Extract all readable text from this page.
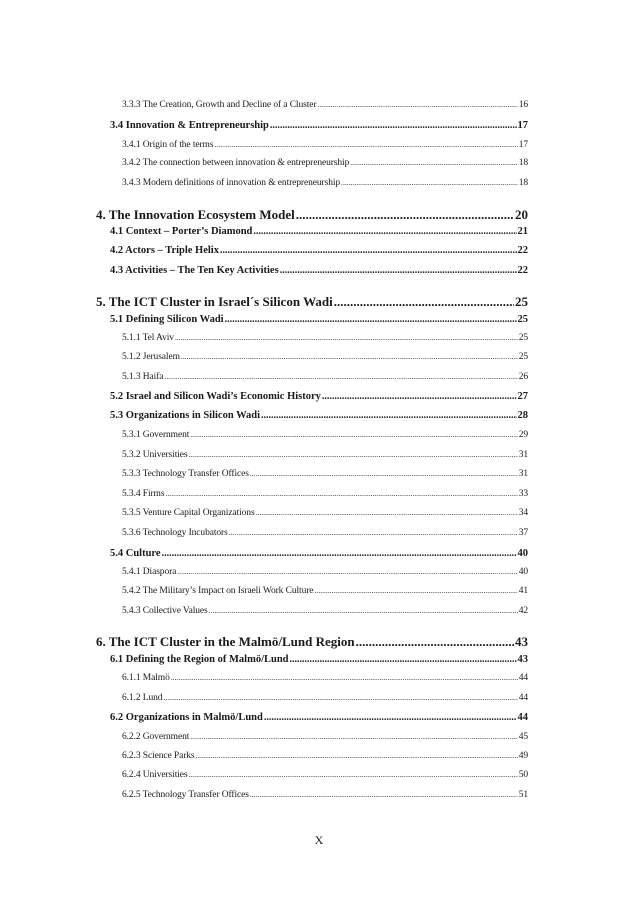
3.3.3 The Creation, Growth and Decline of a Cluster .....	16
3.4 Innovation & Entrepreneurship .....	17
3.4.1 Origin of the terms .....	17
3.4.2 The connection between innovation & entrepreneurship .....	18
3.4.3 Modern definitions of innovation & entrepreneurship .....	18
4. The Innovation Ecosystem Model .....	20
4.1 Context – Porter’s Diamond .....	21
4.2 Actors – Triple Helix .....	22
4.3 Activities – The Ten Key Activities .....	22
5. The ICT Cluster in Israel´s Silicon Wadi .....	25
5.1 Defining Silicon Wadi .....	25
5.1.1 Tel Aviv .....	25
5.1.2 Jerusalem .....	25
5.1.3 Haifa .....	26
5.2 Israel and Silicon Wadi’s Economic History .....	27
5.3 Organizations in Silicon Wadi .....	28
5.3.1 Government .....	29
5.3.2 Universities .....	31
5.3.3 Technology Transfer Offices .....	31
5.3.4 Firms .....	33
5.3.5 Venture Capital Organizations .....	34
5.3.6 Technology Incubators .....	37
5.4 Culture .....	40
5.4.1 Diaspora .....	40
5.4.2 The Military’s Impact on Israeli Work Culture .....	41
5.4.3 Collective Values .....	42
6. The ICT Cluster in the Malmö/Lund Region .....	43
6.1 Defining the Region of Malmö/Lund .....	43
6.1.1 Malmö .....	44
6.1.2 Lund .....	44
6.2 Organizations in Malmö/Lund .....	44
6.2.2 Government .....	45
6.2.3 Science Parks .....	49
6.2.4 Universities .....	50
6.2.5 Technology Transfer Offices .....	51
X
